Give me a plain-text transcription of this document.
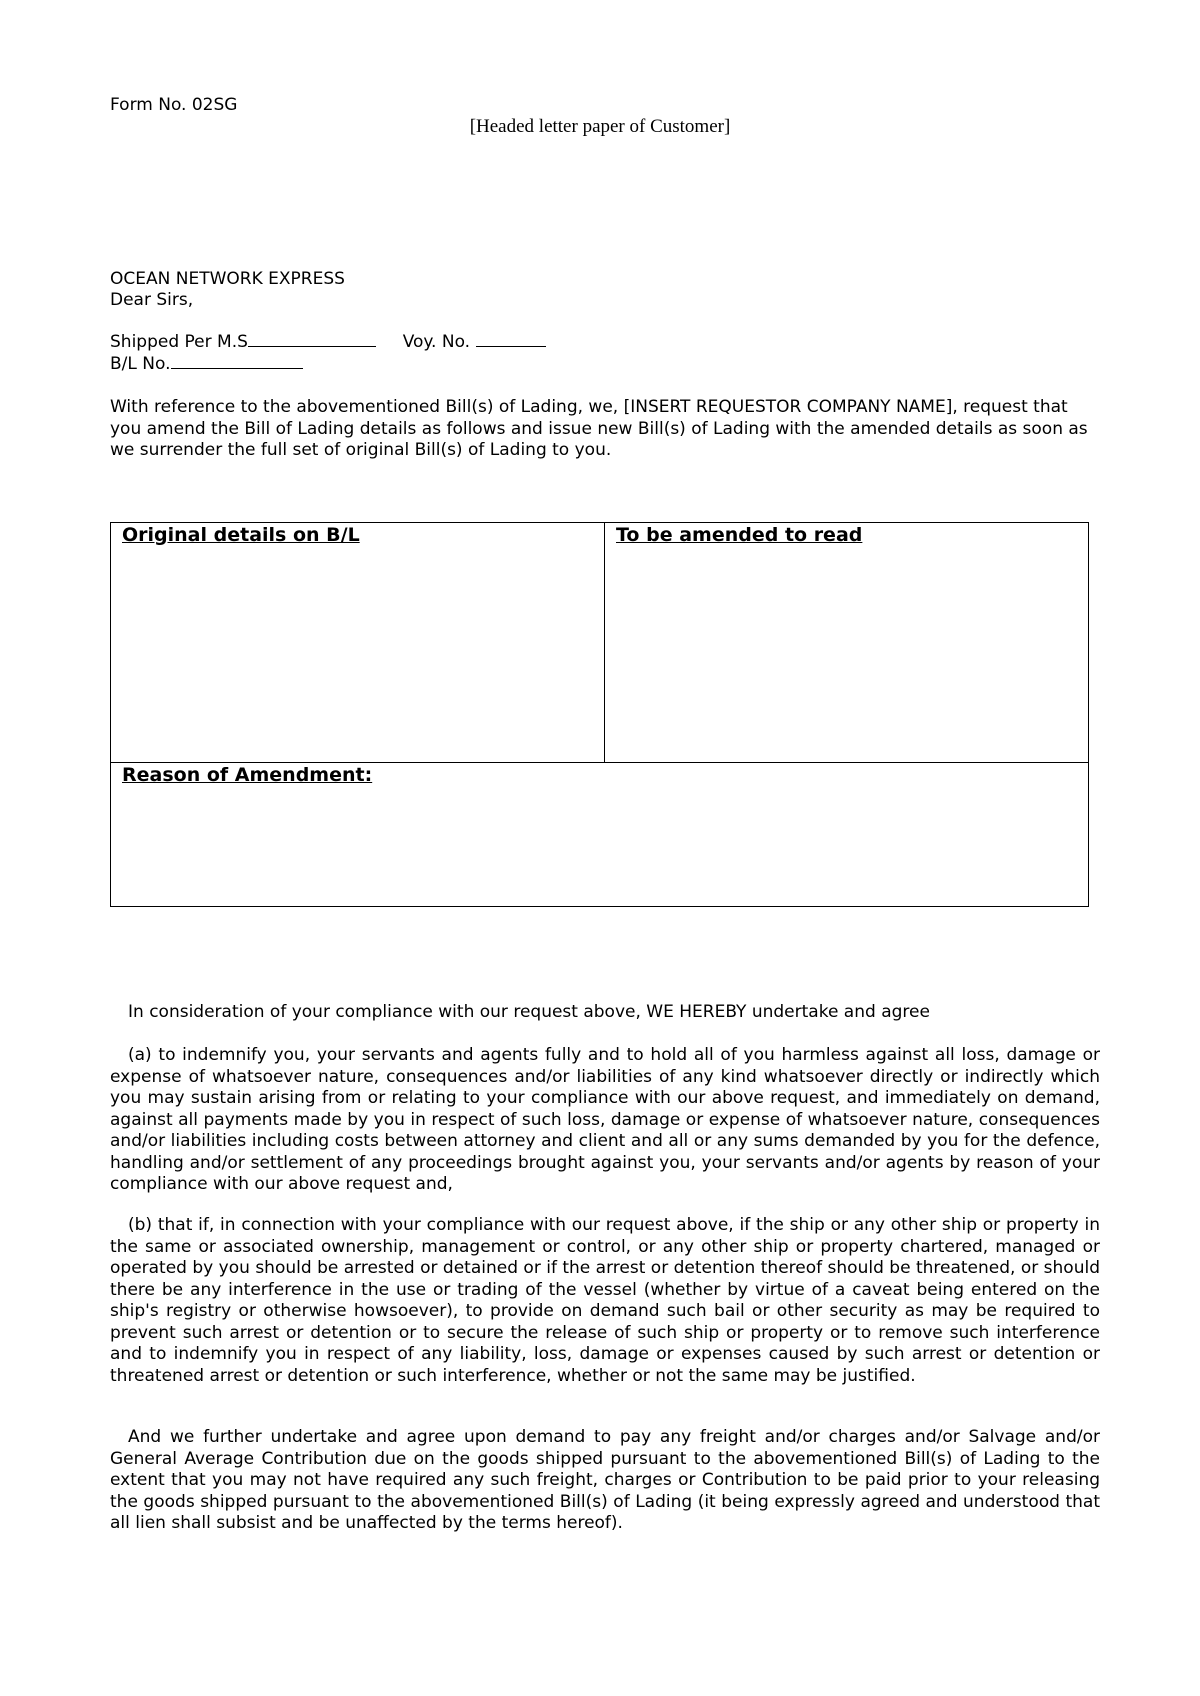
Form No. 02SG
[Headed letter paper of Customer]
OCEAN NETWORK EXPRESS
Dear Sirs,
Shipped Per M.S	Voy. No.
B/L No.

With reference to the abovementioned Bill(s) of Lading, we, [INSERT REQUESTOR COMPANY NAME], request that you amend the Bill of Lading details as follows and issue new Bill(s) of Lading with the amended details as soon as we surrender the full set of original Bill(s) of Lading to you.

Original details on B/L	To be amended to read
Reason of Amendment:
In consideration of your compliance with our request above, WE HEREBY undertake and agree

(a) to indemnify you, your servants and agents fully and to hold all of you harmless against all loss, damage or expense of whatsoever nature, consequences and/or liabilities of any kind whatsoever directly or indirectly which you may sustain arising from or relating to your compliance with our above request, and immediately on demand, against all payments made by you in respect of such loss, damage or expense of whatsoever nature, consequences and/or liabilities including costs between attorney and client and all or any sums demanded by you for the defence, handling and/or settlement of any proceedings brought against you, your servants and/or agents by reason of your compliance with our above request and,

(b) that if, in connection with your compliance with our request above, if the ship or any other ship or property in the same or associated ownership, management or control, or any other ship or property chartered, managed or operated by you should be arrested or detained or if the arrest or detention thereof should be threatened, or should there be any interference in the use or trading of the vessel (whether by virtue of a caveat being entered on the ship's registry or otherwise howsoever), to provide on demand such bail or other security as may be required to prevent such arrest or detention or to secure the release of such ship or property or to remove such interference and to indemnify you in respect of any liability, loss, damage or expenses caused by such arrest or detention or threatened arrest or detention or such interference, whether or not the same may be justified.

And we further undertake and agree upon demand to pay any freight and/or charges and/or Salvage and/or General Average Contribution due on the goods shipped pursuant to the abovementioned Bill(s) of Lading to the extent that you may not have required any such freight, charges or Contribution to be paid prior to your releasing the goods shipped pursuant to the abovementioned Bill(s) of Lading (it being expressly agreed and understood that all lien shall subsist and be unaffected by the terms hereof).
